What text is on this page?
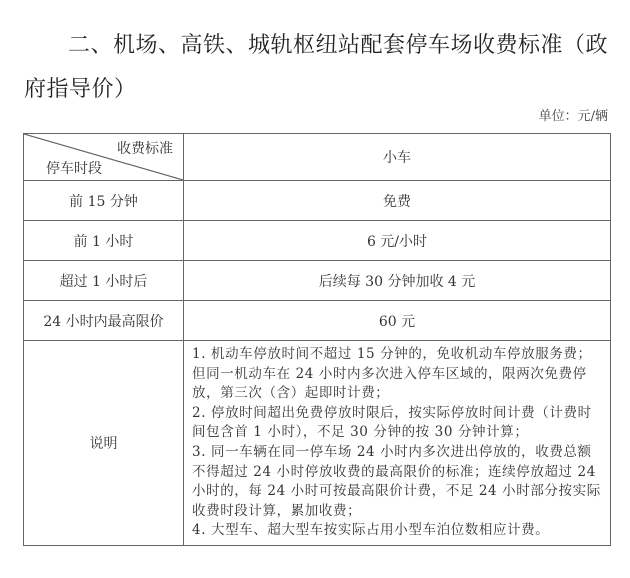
二、机场、高铁、城轨枢纽站配套停车场收费标准（政府指导价）
单位：元/辆
收费标准
停车时段	小车
前 15 分钟	免费
前 1 小时	6 元/小时
超过 1 小时后	后续每 30 分钟加收 4 元
24 小时内最高限价	60 元
说明	1. 机动车停放时间不超过 15 分钟的，免收机动车停放服务费；但同一机动车在 24 小时内多次进入停车区域的，限两次免费停放，第三次（含）起即时计费；
2. 停放时间超出免费停放时限后，按实际停放时间计费（计费时间包含首 1 小时），不足 30 分钟的按 30 分钟计算；
3. 同一车辆在同一停车场 24 小时内多次进出停放的，收费总额不得超过 24 小时停放收费的最高限价的标准；连续停放超过 24 小时的，每 24 小时可按最高限价计费，不足 24 小时部分按实际收费时段计算，累加收费；
4. 大型车、超大型车按实际占用小型车泊位数相应计费。
